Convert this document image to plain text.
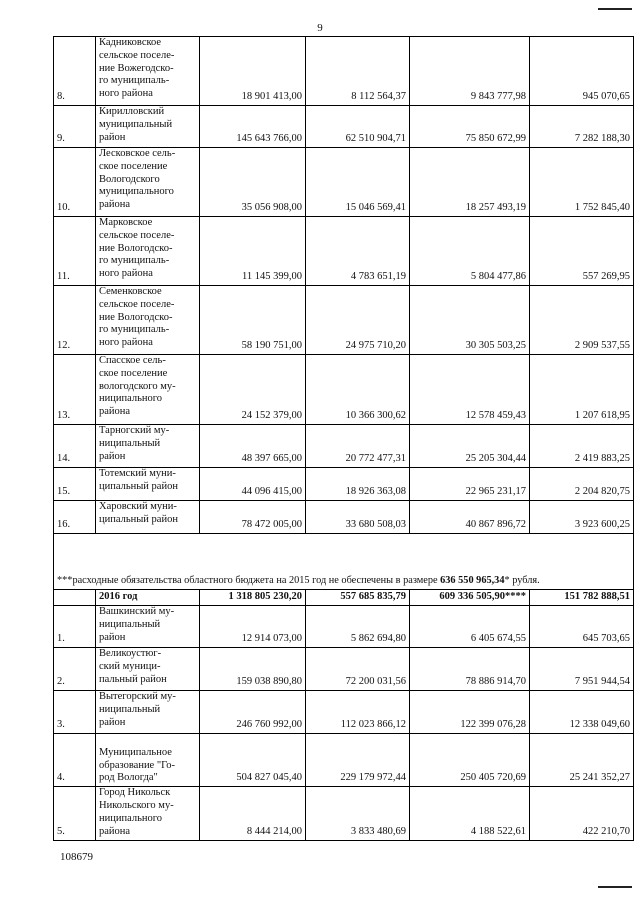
9
8.	Кадниковское
сельское поселе-
ние Вожегодско-
го муниципаль-
ного района	18 901 413,00	8 112 564,37	9 843 777,98	945 070,65
9.	Кирилловский
муниципальный
район	145 643 766,00	62 510 904,71	75 850 672,99	7 282 188,30
10.	Лесковское сель-
ское поселение
Вологодского
муниципального
района	35 056 908,00	15 046 569,41	18 257 493,19	1 752 845,40
11.	Марковское
сельское поселе-
ние Вологодско-
го муниципаль-
ного района	11 145 399,00	4 783 651,19	5 804 477,86	557 269,95
12.	Семенковское
сельское поселе-
ние Вологодско-
го муниципаль-
ного района	58 190 751,00	24 975 710,20	30 305 503,25	2 909 537,55
13.	Спасское сель-
ское поселение
вологодского му-
ниципального
района	24 152 379,00	10 366 300,62	12 578 459,43	1 207 618,95
14.	Тарногский му-
ниципальный
район	48 397 665,00	20 772 477,31	25 205 304,44	2 419 883,25
15.	Тотемский муни-
ципальный район	44 096 415,00	18 926 363,08	22 965 231,17	2 204 820,75
16.	Харовский муни-
ципальный район	78 472 005,00	33 680 508,03	40 867 896,72	3 923 600,25
***расходные обязательства областного бюджета на 2015 год не обеспечены в размере 636 550 965,34* рубля.					
	2016 год	1 318 805 230,20	557 685 835,79	609 336 505,90****	151 782 888,51
1.	Вашкинский му-
ниципальный
район	12 914 073,00	5 862 694,80	6 405 674,55	645 703,65
2.	Великоустюг-
ский муници-
пальный район	159 038 890,80	72 200 031,56	78 886 914,70	7 951 944,54
3.	Вытегорский му-
ниципальный
район	246 760 992,00	112 023 866,12	122 399 076,28	12 338 049,60
4.	Муниципальное
образование "Го-
род Вологда"	504 827 045,40	229 179 972,44	250 405 720,69	25 241 352,27
5.	Город Никольск
Никольского му-
ниципального
района	8 444 214,00	3 833 480,69	4 188 522,61	422 210,70
108679
